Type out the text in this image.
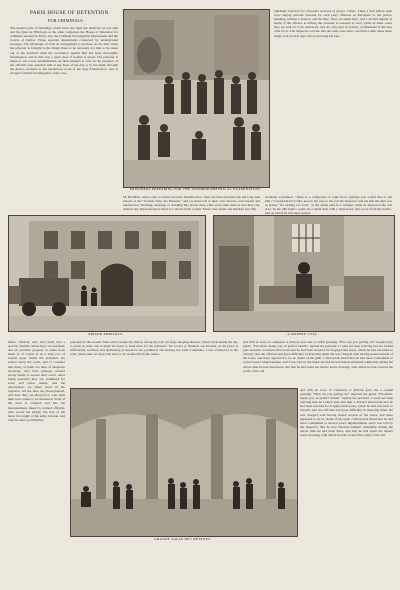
PARIS HOUSE OF DETENTION
FOR CRIMINALS.

The massive pile of buildings which faces the Quai des Orfèvres on one side and the Quai de l'Horloge on the other comprises the House of Detention for criminals arrested in Paris, also the Criminal Investigation Department and the Courts of Justice. Three separate departments connected by underground passages. The advantage of such an arrangement is obvious. At the time when the prisoner is brought to the Dépôt there is no necessity for him to be taken out of the precincts until the accusation against him has been thoroughly investigated, and in this way a great deal of trouble is saved. The prisoner is taken to one travel establishment; he finds himself at once in the presence of the officials who question him at any hour of the day or in the night, through the dreary corridors to the mysterious room of the Juge d'Instruction, who is charged with the investigation of the case.

PRISONERS PREPARING FOR THE ANTHROPOMETRICAL EXAMINATION.

buildings reserved for prisoners accused of graver crimes. These I had before seen were simply persons arrested for such petty offences as disrespect to the police, hawking without a licence, and the like. They are taken here, and a second inquiry is made; if the offence is trifling the prisoner is released at once, while in other cases they are sent on to be sentenced, and are only kept in solitary confinement if the case calls for it. The inspector told me that the rules were strict, and that a man taken there might wait several days before knowing his fate.

M. Bertillon, with a view to future personal identification. They are then marched into the large hall known as the "Grande Salle des Détenus," and are there left to their own devices, unoccupied and unobserved. Strolling, sleeping, or standing idly about, they while away their time as best they can. Almost any important place there is a choice from a jailer. There were about one hundred and fifty

suddenly exclaimed, "There is a compound of some floor; perhaps you would like to see him." I replied that I would, and on my way to the cell the inspector told me that the man was in prison "for writing too well," as my guide said in a whisper while he inspected the cell door. In the dim light I could see a small man with a large head, who arose from the trestle-bed on which he had been seated,

PRISON ARRIVALS.	A DOUBLE CELL.

minor officials, who lead them into a special chamber where they are searched, and all portable property is taken from them. It of course is an a long row of boards upon which the prisoners are seated along the walls, and to consider that many of them are men of desperate character, who have perhaps, needed strong hands to secure their arrest. After being searched they are examined for scars and tattoo marks, and the descriptions are taken down in the registers. All the men are photographed, and then they are allowed to wait until their turn comes to be measured. Each of the men is stripped and has his measurements taken by trained officials, who record his height, the size of his head, the length of his arms, his feet, and various other peculiarities.

prisoners in the Grande Salle when I made my sketch. Along the wall are large sleeping-shelves, folded back during the day to serve as seats, but at night let down to form beds for the prisoners. No covers or blankets are allowed, as the place is sufficiently warmed, and undressing is therefore not permitted. On leaving the Salle Commune, I was conducted to the cells, where men are kept who have to be isolated from the others.

and with no trace of confusion or distress gave me a cordial greeting. "How are you getting on?" inquired my guide. "Excellent, thank you, in perfect health," replied the prisoner. I could not help noticing that he looked pale and thin. I learned afterwards that he had been arrested for forging bank notes, which he had executed so cleverly that the officials had great difficulty in detecting them. He was charged with having issued several of the notes, and there appeared to be no doubt of his guilt. I afterwards heard that he had been condemned to several years' imprisonment, and I was told by the inspector that he had behaved himself admirably during the whole time he had been there, and that he had spent his leisure hours drawing, with which he had covered the walls of his cell.

GRANDE SALLE DES DÉTENUS.

and with no trace of confusion or distress gave me a cordial greeting. "How are you getting on?" inquired my guide. "Excellent, thank you, in perfect health," replied the prisoner. I could not help noticing that he looked pale and thin. I learned afterwards that he had been arrested for forging bank notes, which he had executed so cleverly that the officials had great difficulty in detecting them. He was charged with having issued several of the notes, and there appeared to be no doubt of his guilt. I afterwards heard that he had been condemned to several years' imprisonment, and I was told by the inspector that he had behaved himself admirably during the whole time he had been there, and that he had spent his leisure hours drawing, with which he had covered the walls of his cell.
